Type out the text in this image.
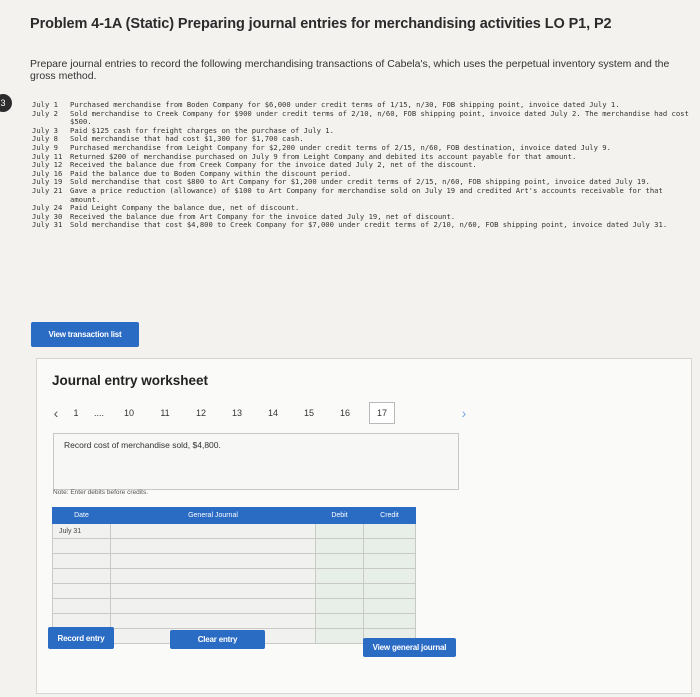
Problem 4-1A (Static) Preparing journal entries for merchandising activities LO P1, P2
Prepare journal entries to record the following merchandising transactions of Cabela's, which uses the perpetual inventory system and the gross method.
3	July 1	Purchased merchandise from Boden Company for $6,000 under credit terms of 1/15, n/30, FOB shipping point, invoice dated July 1.
July 2	Sold merchandise to Creek Company for $900 under credit terms of 2/10, n/60, FOB shipping point, invoice dated July 2. The merchandise had cost $500.
July 3	Paid $125 cash for freight charges on the purchase of July 1.
July 8	Sold merchandise that had cost $1,300 for $1,700 cash.
July 9	Purchased merchandise from Leight Company for $2,200 under credit terms of 2/15, n/60, FOB destination, invoice dated July 9.
July 11	Returned $200 of merchandise purchased on July 9 from Leight Company and debited its account payable for that amount.
July 12	Received the balance due from Creek Company for the invoice dated July 2, net of the discount.
July 16	Paid the balance due to Boden Company within the discount period.
July 19	Sold merchandise that cost $800 to Art Company for $1,200 under credit terms of 2/15, n/60, FOB shipping point, invoice dated July 19.
July 21	Gave a price reduction (allowance) of $100 to Art Company for merchandise sold on July 19 and credited Art's accounts receivable for that amount.
July 24	Paid Leight Company the balance due, net of discount.
July 30	Received the balance due from Art Company for the invoice dated July 19, net of discount.
July 31	Sold merchandise that cost $4,800 to Creek Company for $7,000 under credit terms of 2/10, n/60, FOB shipping point, invoice dated July 31.
View transaction list
Journal entry worksheet
‹	1	....	10	11	12	13	14	15	16	17	›
Record cost of merchandise sold, $4,800.
Note: Enter debits before credits.
Date	General Journal	Debit	Credit
July 31			

Record entry	Clear entry
View general journal
